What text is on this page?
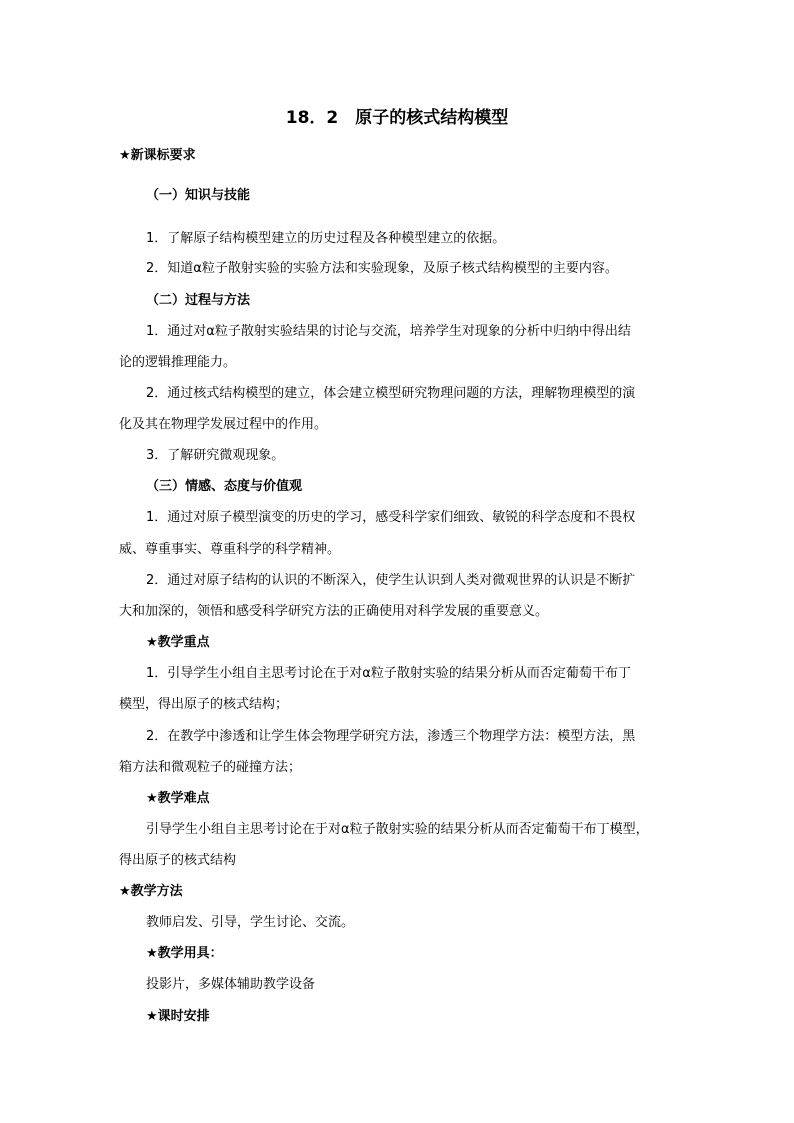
18．2　原子的核式结构模型
★新课标要求
（一）知识与技能
1．了解原子结构模型建立的历史过程及各种模型建立的依据。
2．知道α粒子散射实验的实验方法和实验现象，及原子核式结构模型的主要内容。
（二）过程与方法
1．通过对α粒子散射实验结果的讨论与交流，培养学生对现象的分析中归纳中得出结
论的逻辑推理能力。
2．通过核式结构模型的建立，体会建立模型研究物理问题的方法，理解物理模型的演
化及其在物理学发展过程中的作用。
3．了解研究微观现象。
（三）情感、态度与价值观
1．通过对原子模型演变的历史的学习，感受科学家们细致、敏锐的科学态度和不畏权
威、尊重事实、尊重科学的科学精神。
2．通过对原子结构的认识的不断深入，使学生认识到人类对微观世界的认识是不断扩
大和加深的，领悟和感受科学研究方法的正确使用对科学发展的重要意义。
★教学重点
1．引导学生小组自主思考讨论在于对α粒子散射实验的结果分析从而否定葡萄干布丁
模型，得出原子的核式结构；
2．在教学中渗透和让学生体会物理学研究方法，渗透三个物理学方法：模型方法，黑
箱方法和微观粒子的碰撞方法；
★教学难点
引导学生小组自主思考讨论在于对α粒子散射实验的结果分析从而否定葡萄干布丁模型，
得出原子的核式结构
★教学方法
教师启发、引导，学生讨论、交流。
★教学用具：
投影片，多媒体辅助教学设备
★课时安排
